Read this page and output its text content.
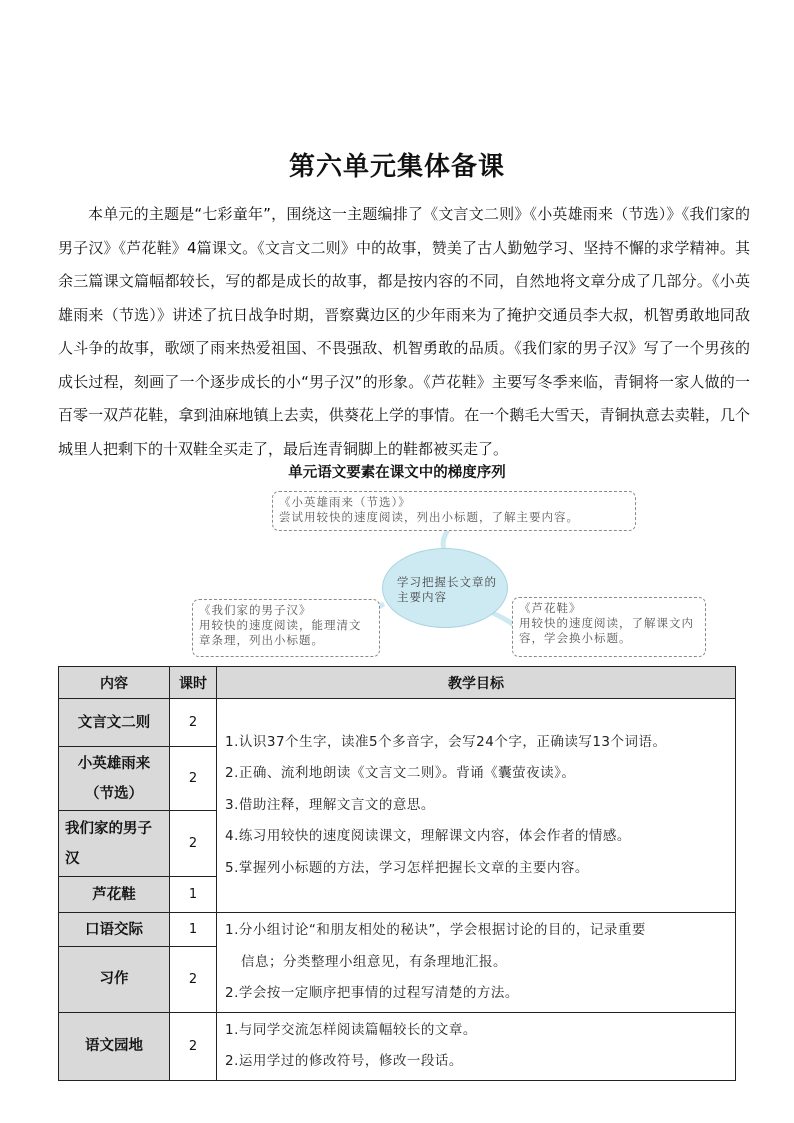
第六单元集体备课
本单元的主题是“七彩童年”，围绕这一主题编排了《文言文二则》《小英雄雨来（节选）》《我们家的男子汉》《芦花鞋》4篇课文。《文言文二则》中的故事，赞美了古人勤勉学习、坚持不懈的求学精神。其余三篇课文篇幅都较长，写的都是成长的故事，都是按内容的不同，自然地将文章分成了几部分。《小英雄雨来（节选）》讲述了抗日战争时期，晋察冀边区的少年雨来为了掩护交通员李大叔，机智勇敢地同敌人斗争的故事，歌颂了雨来热爱祖国、不畏强敌、机智勇敢的品质。《我们家的男子汉》写了一个男孩的成长过程，刻画了一个逐步成长的小“男子汉”的形象。《芦花鞋》主要写冬季来临，青铜将一家人做的一百零一双芦花鞋，拿到油麻地镇上去卖，供葵花上学的事情。在一个鹅毛大雪天，青铜执意去卖鞋，几个城里人把剩下的十双鞋全买走了，最后连青铜脚上的鞋都被买走了。
单元语文要素在课文中的梯度序列
《小英雄雨来（节选）》
尝试用较快的速度阅读，列出小标题，了解主要内容。
学习把握长文章的主要内容
《我们家的男子汉》
用较快的速度阅读，能理清文章条理，列出小标题。
《芦花鞋》
用较快的速度阅读，了解课文内容，学会换小标题。
内容	课时	教学目标
文言文二则	2	1.认识37个生字，读准5个多音字，会写24个字，正确读写13个词语。
2.正确、流利地朗读《文言文二则》。背诵《囊萤夜读》。
3.借助注释，理解文言文的意思。
4.练习用较快的速度阅读课文，理解课文内容，体会作者的情感。
5.掌握列小标题的方法，学习怎样把握长文章的主要内容。

小英雄雨来（节选）	2	
我们家的男子汉	2	
芦花鞋	1	
口语交际	1	1.分小组讨论“和朋友相处的秘诀”，学会根据讨论的目的，记录重要
信息；分类整理小组意见，有条理地汇报。
2.学会按一定顺序把事情的过程写清楚的方法。

习作	2	
语文园地	2	1.与同学交流怎样阅读篇幅较长的文章。
2.运用学过的修改符号，修改一段话。
